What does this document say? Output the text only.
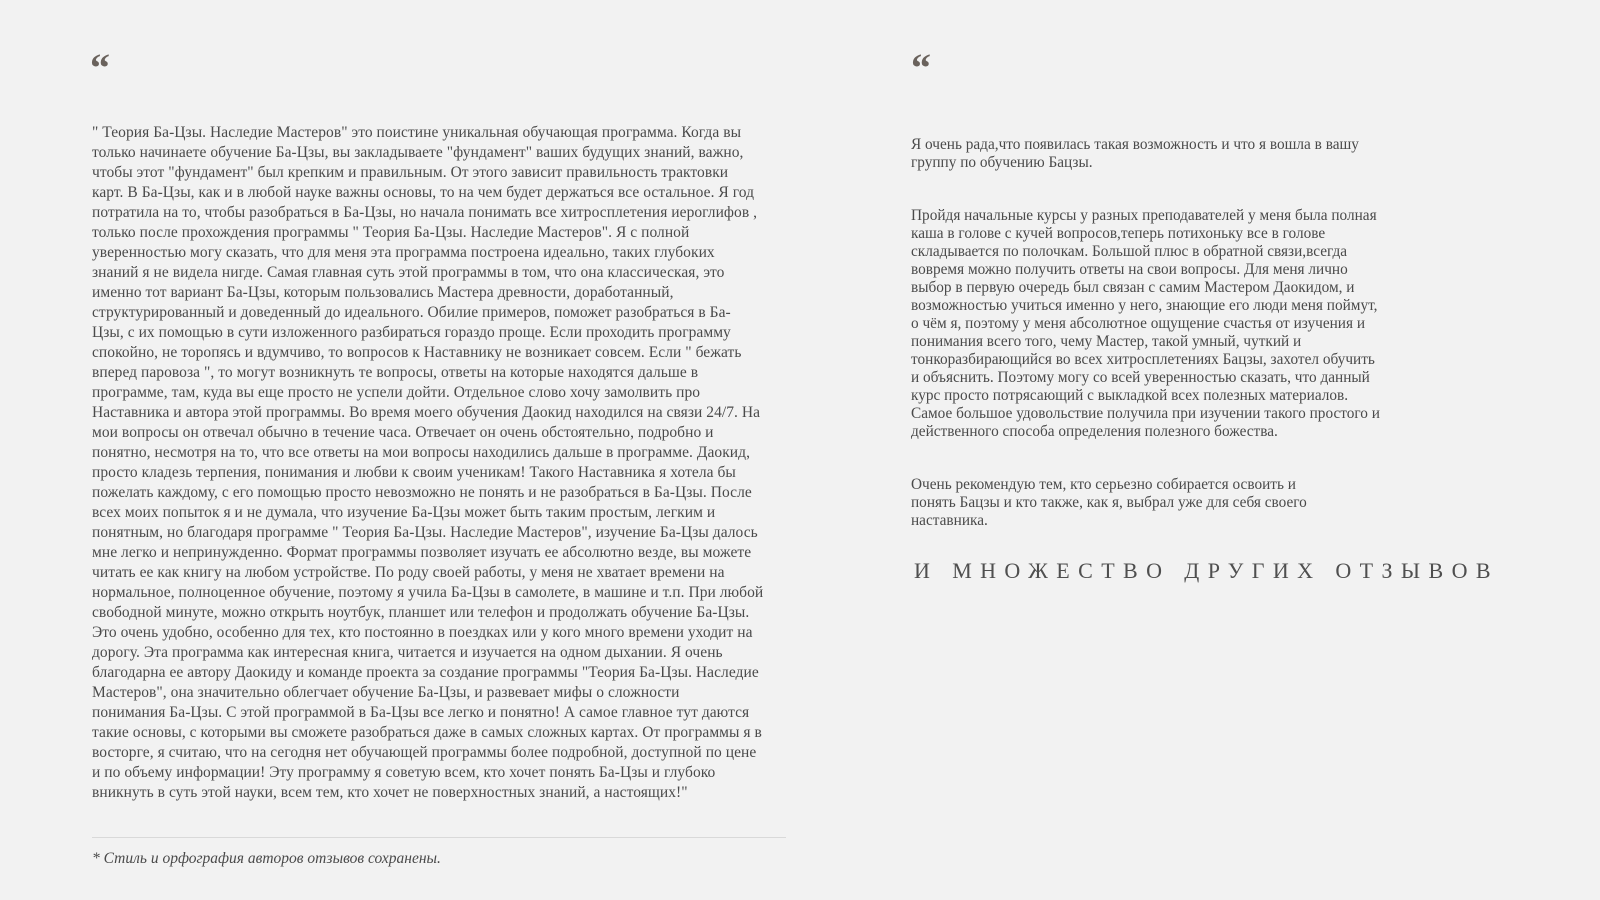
“

" Теория Ба-Цзы. Наследие Мастеров" это поистине уникальная обучающая программа. Когда вы
только начинаете обучение Ба-Цзы, вы закладываете "фундамент" ваших будущих знаний, важно,
чтобы этот "фундамент" был крепким и правильным. От этого зависит правильность трактовки
карт. В Ба-Цзы, как и в любой науке важны основы, то на чем будет держаться все остальное. Я год
потратила на то, чтобы разобраться в Ба-Цзы, но начала понимать все хитросплетения иероглифов ,
только после прохождения программы " Теория Ба-Цзы. Наследие Мастеров". Я с полной
уверенностью могу сказать, что для меня эта программа построена идеально, таких глубоких
знаний я не видела нигде. Самая главная суть этой программы в том, что она классическая, это
именно тот вариант Ба-Цзы, которым пользовались Мастера древности, доработанный,
структурированный и доведенный до идеального. Обилие примеров, поможет разобраться в Ба-
Цзы, с их помощью в сути изложенного разбираться гораздо проще. Если проходить программу
спокойно, не торопясь и вдумчиво, то вопросов к Наставнику не возникает совсем. Если " бежать
вперед паровоза ", то могут возникнуть те вопросы, ответы на которые находятся дальше в
программе, там, куда вы еще просто не успели дойти. Отдельное слово хочу замолвить про
Наставника и автора этой программы. Во время моего обучения Даокид находился на связи 24/7. На
мои вопросы он отвечал обычно в течение часа. Отвечает он очень обстоятельно, подробно и
понятно, несмотря на то, что все ответы на мои вопросы находились дальше в программе. Даокид,
просто кладезь терпения, понимания и любви к своим ученикам! Такого Наставника я хотела бы
пожелать каждому, с его помощью просто невозможно не понять и не разобраться в Ба-Цзы. После
всех моих попыток я и не думала, что изучение Ба-Цзы может быть таким простым, легким и
понятным, но благодаря программе " Теория Ба-Цзы. Наследие Мастеров", изучение Ба-Цзы далось
мне легко и непринужденно. Формат программы позволяет изучать ее абсолютно везде, вы можете
читать ее как книгу на любом устройстве. По роду своей работы, у меня не хватает времени на
нормальное, полноценное обучение, поэтому я учила Ба-Цзы в самолете, в машине и т.п. При любой
свободной минуте, можно открыть ноутбук, планшет или телефон и продолжать обучение Ба-Цзы.
Это очень удобно, особенно для тех, кто постоянно в поездках или у кого много времени уходит на
дорогу. Эта программа как интересная книга, читается и изучается на одном дыхании. Я очень
благодарна ее автору Даокиду и команде проекта за создание программы "Теория Ба-Цзы. Наследие
Мастеров", она значительно облегчает обучение Ба-Цзы, и развевает мифы о сложности
понимания Ба-Цзы. С этой программой в Ба-Цзы все легко и понятно! А самое главное тут даются
такие основы, с которыми вы сможете разобраться даже в самых сложных картах. От программы я в
восторге, я считаю, что на сегодня нет обучающей программы более подробной, доступной по цене
и по объему информации! Эту программу я советую всем, кто хочет понять Ба-Цзы и глубоко
вникнуть в суть этой науки, всем тем, кто хочет не поверхностных знаний, а настоящих!"

“

Я очень рада,что появилась такая возможность и что я вошла в вашу
группу по обучению Бацзы.

Пройдя начальные курсы у разных преподавателей у меня была полная
каша в голове с кучей вопросов,теперь потихоньку все в голове
складывается по полочкам. Большой плюс в обратной связи,всегда
вовремя можно получить ответы на свои вопросы. Для меня лично
выбор в первую очередь был связан с самим Мастером Даокидом, и
возможностью учиться именно у него, знающие его люди меня поймут,
о чём я, поэтому у меня абсолютное ощущение счастья от изучения и
понимания всего того, чему Мастер, такой умный, чуткий и
тонкоразбирающийся во всех хитросплетениях Бацзы, захотел обучить
и объяснить. Поэтому могу со всей уверенностью сказать, что данный
курс просто потрясающий с выкладкой всех полезных материалов.
Самое большое удовольствие получила при изучении такого простого и
действенного способа определения полезного божества.

Очень рекомендую тем, кто серьезно собирается освоить и
понять Бацзы и кто также, как я, выбрал уже для себя своего
наставника.

И МНОЖЕСТВО ДРУГИХ ОТЗЫВОВ
* Стиль и орфография авторов отзывов сохранены.
